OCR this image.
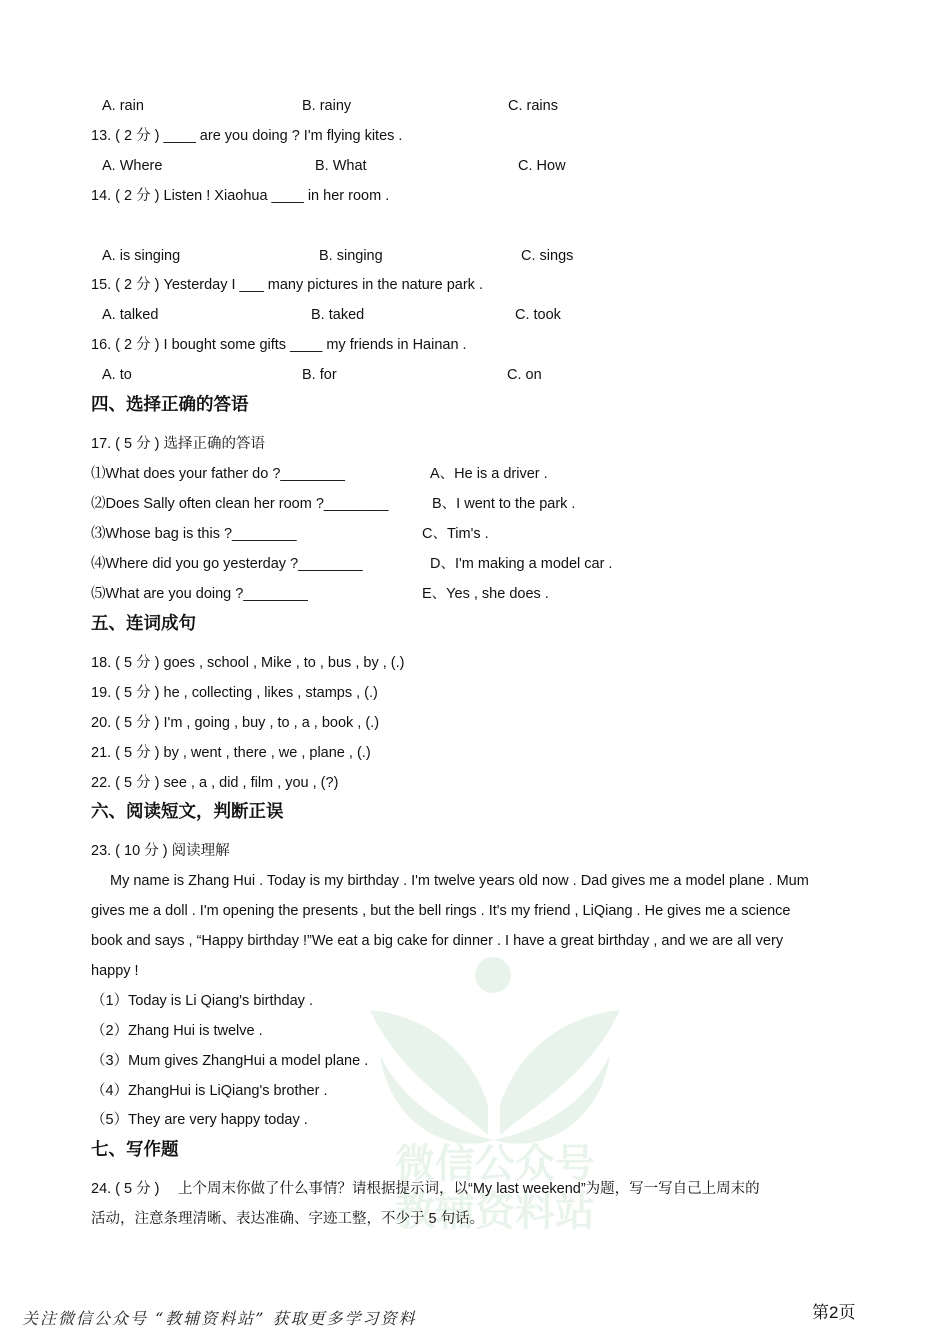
微信公众号
教辅资料站
A. rain	B. rainy	C. rains
13. ( 2 分 ) ____ are you doing ? I'm flying kites .
A. Where	B. What	C. How
14. ( 2 分 ) Listen ! Xiaohua ____ in her room .
A. is singing	B. singing	C. sings
15. ( 2 分 ) Yesterday I ___ many pictures in the nature park .
A. talked	B. taked	C. took
16. ( 2 分 ) I bought some gifts ____ my friends in Hainan .
A. to	B. for	C. on
四、选择正确的答语
17. ( 5 分 ) 选择正确的答语
⑴What does your father do ?________	A、He is a driver .
⑵Does Sally often clean her room ?________	B、I went to the park .
⑶Whose bag is this ?________	C、Tim's .
⑷Where did you go yesterday ?________	D、I'm making a model car .
⑸What are you doing ?________	E、Yes , she does .
五、连词成句
18. ( 5 分 ) goes , school , Mike , to , bus , by , (.)
19. ( 5 分 ) he , collecting , likes , stamps , (.)
20. ( 5 分 ) I'm , going , buy , to , a , book , (.)
21. ( 5 分 ) by , went , there , we , plane , (.)
22. ( 5 分 ) see , a , did , film , you , (?)
六、阅读短文，判断正误
23. ( 10 分 ) 阅读理解
My name is Zhang Hui . Today is my birthday . I'm twelve years old now . Dad gives me a model plane . Mum
gives me a doll . I'm opening the presents , but the bell rings . It's my friend , LiQiang . He gives me a science
book and says , “Happy birthday !”We eat a big cake for dinner . I have a great birthday , and we are all very
happy !
（1）Today is Li Qiang's birthday .
（2）Zhang Hui is twelve .
（3）Mum gives ZhangHui a model plane .
（4）ZhangHui is LiQiang's brother .
（5）They are very happy today .
七、写作题
24. ( 5 分 )　 上个周末你做了什么事情？请根据提示词，以“My last weekend”为题，写一写自己上周末的
活动，注意条理清晰、表达准确、字迹工整，不少于 5 句话。
关注微信公众号 “教辅资料站” 获取更多学习资料	第2页
